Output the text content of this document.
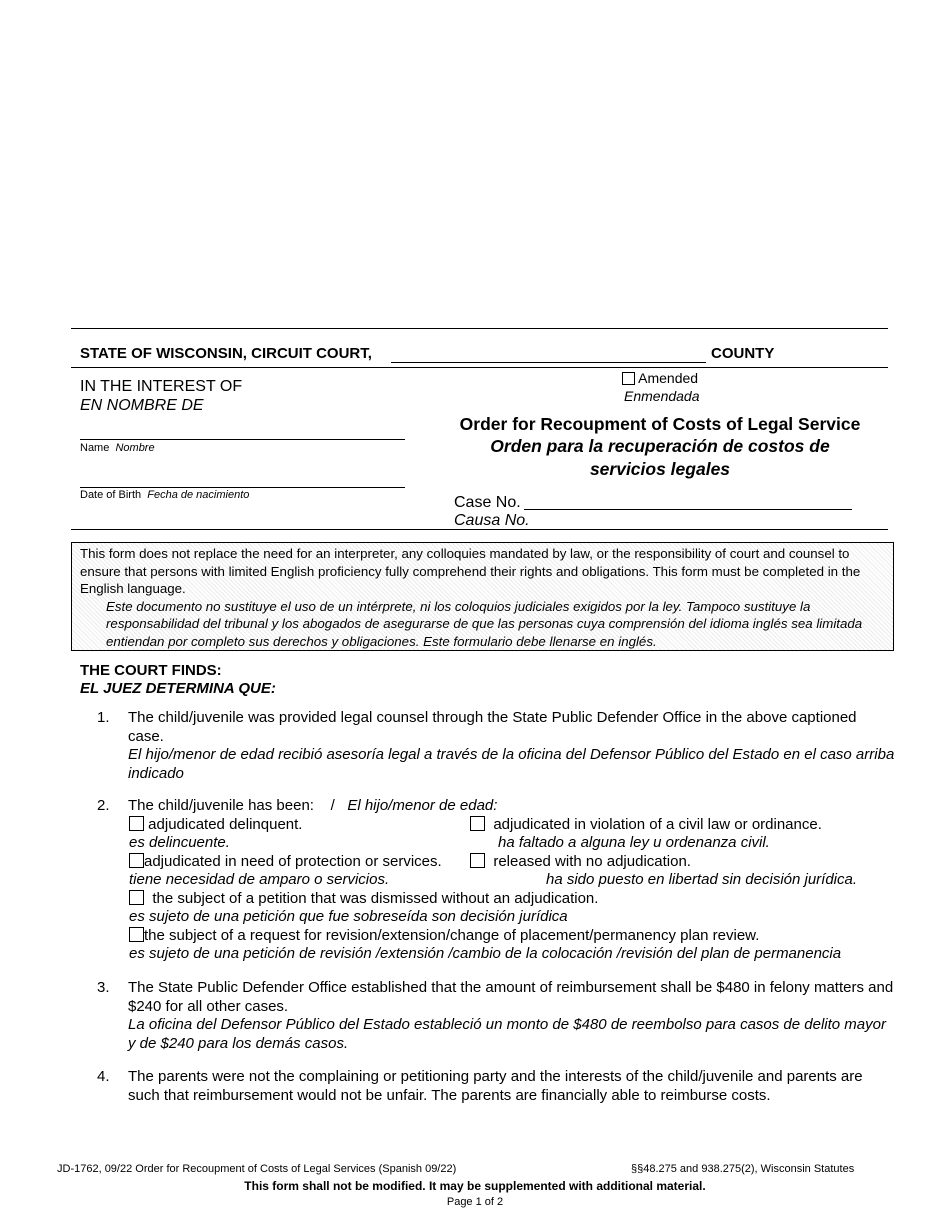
STATE OF WISCONSIN, CIRCUIT COURT,	COUNTY
IN THE INTEREST OF
EN NOMBRE DE
Name Nombre
Date of Birth Fecha de nacimiento
Amended
Enmendada
Order for Recoupment of Costs of Legal Service
Orden para la recuperación de costos de
servicios legales
Case No.
Causa No.
This form does not replace the need for an interpreter, any colloquies mandated by law, or the responsibility of court and counsel to ensure that persons with limited English proficiency fully comprehend their rights and obligations. This form must be completed in the English language.
Este documento no sustituye el uso de un intérprete, ni los coloquios judiciales exigidos por la ley. Tampoco sustituye la responsabilidad del tribunal y los abogados de asegurarse de que las personas cuya comprensión del idioma inglés sea limitada entiendan por completo sus derechos y obligaciones. Este formulario debe llenarse en inglés.
THE COURT FINDS:
EL JUEZ DETERMINA QUE:
1. The child/juvenile was provided legal counsel through the State Public Defender Office in the above captioned case.
El hijo/menor de edad recibió asesoría legal a través de la oficina del Defensor Público del Estado en el caso arriba indicado
2. The child/juvenile has been: / El hijo/menor de edad:
adjudicated delinquent.
es delincuente.
adjudicated in violation of a civil law or ordinance.
ha faltado a alguna ley u ordenanza civil.
adjudicated in need of protection or services.
tiene necesidad de amparo o servicios.
released with no adjudication.
ha sido puesto en libertad sin decisión jurídica.
the subject of a petition that was dismissed without an adjudication.
es sujeto de una petición que fue sobreseída son decisión jurídica
the subject of a request for revision/extension/change of placement/permanency plan review.
es sujeto de una petición de revisión /extensión /cambio de la colocación /revisión del plan de permanencia
3. The State Public Defender Office established that the amount of reimbursement shall be $480 in felony matters and $240 for all other cases.
La oficina del Defensor Público del Estado estableció un monto de $480 de reembolso para casos de delito mayor y de $240 para los demás casos.
4. The parents were not the complaining or petitioning party and the interests of the child/juvenile and parents are such that reimbursement would not be unfair. The parents are financially able to reimburse costs.
JD-1762, 09/22 Order for Recoupment of Costs of Legal Services (Spanish 09/22)	§§48.275 and 938.275(2), Wisconsin Statutes
This form shall not be modified. It may be supplemented with additional material.
Page 1 of 2
